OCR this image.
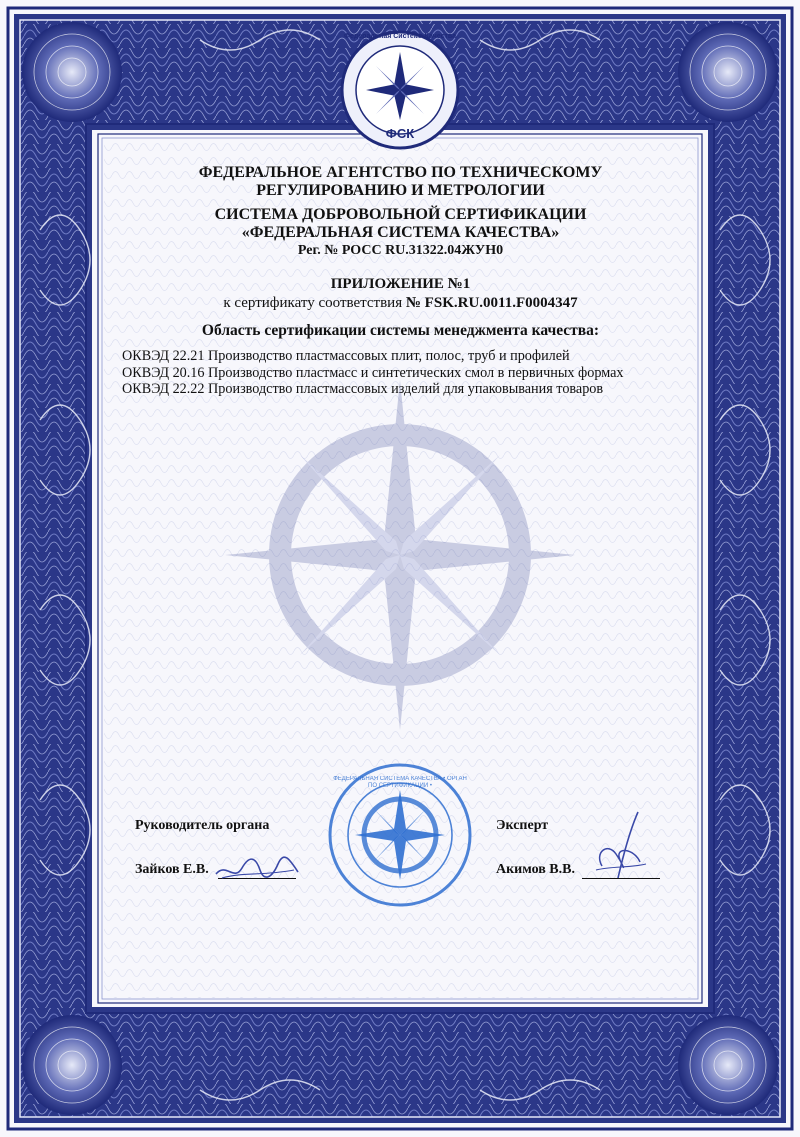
Федеральная Система Качества
ФСК
ФЕДЕРАЛЬНОЕ АГЕНТСТВО ПО ТЕХНИЧЕСКОМУ
РЕГУЛИРОВАНИЮ И МЕТРОЛОГИИ
СИСТЕМА ДОБРОВОЛЬНОЙ СЕРТИФИКАЦИИ
«ФЕДЕРАЛЬНАЯ СИСТЕМА КАЧЕСТВА»
Рег. № РОСС RU.31322.04ЖУН0
ПРИЛОЖЕНИЕ №1
к сертификату соответствия № FSK.RU.0011.F0004347
Область сертификации системы менеджмента качества:
ОКВЭД 22.21 Производство пластмассовых плит, полос, труб и профилей
ОКВЭД 20.16 Производство пластмасс и синтетических смол в первичных формах
ОКВЭД 22.22 Производство пластмассовых изделий для упаковывания товаров
ФЕДЕРАЛЬНАЯ СИСТЕМА КАЧЕСТВА • ОРГАН ПО СЕРТИФИКАЦИИ •
Руководитель органа
Зайков Е.В.
Эксперт
Акимов В.В.
